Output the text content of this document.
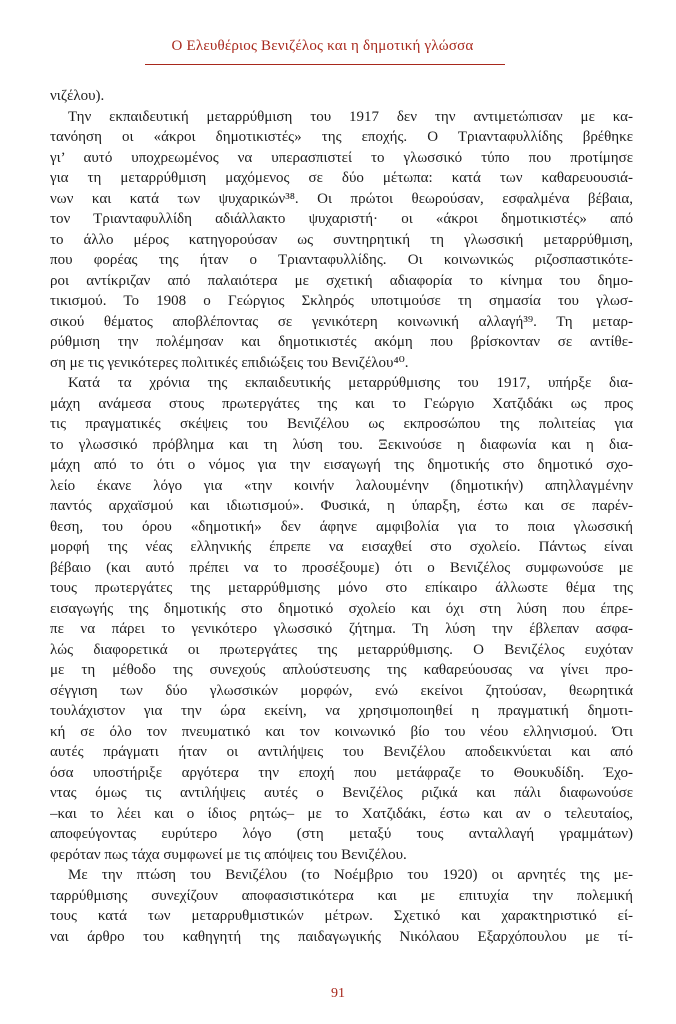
Ο Ελευθέριος Βενιζέλος και η δημοτική γλώσσα
νιζέλου).
Την εκπαιδευτική μεταρρύθμιση του 1917 δεν την αντιμετώπισαν με κα-
τανόηση οι «άκροι δημοτικιστές» της εποχής. Ο Τριανταφυλλίδης βρέθηκε
γι’ αυτό υποχρεωμένος να υπερασπιστεί το γλωσσικό τύπο που προτίμησε
για τη μεταρρύθμιση μαχόμενος σε δύο μέτωπα: κατά των καθαρευουσιά-
νων και κατά των ψυχαρικών³⁸. Οι πρώτοι θεωρούσαν, εσφαλμένα βέβαια,
τον Τριανταφυλλίδη αδιάλλακτο ψυχαριστή· οι «άκροι δημοτικιστές» από
το άλλο μέρος κατηγορούσαν ως συντηρητική τη γλωσσική μεταρρύθμιση,
που φορέας της ήταν ο Τριανταφυλλίδης. Οι κοινωνικώς ριζοσπαστικότε-
ροι αντίκριζαν από παλαιότερα με σχετική αδιαφορία το κίνημα του δημο-
τικισμού. Το 1908 ο Γεώργιος Σκληρός υποτιμούσε τη σημασία του γλωσ-
σικού θέματος αποβλέποντας σε γενικότερη κοινωνική αλλαγή³⁹. Τη μεταρ-
ρύθμιση την πολέμησαν και δημοτικιστές ακόμη που βρίσκονταν σε αντίθε-
ση με τις γενικότερες πολιτικές επιδιώξεις του Βενιζέλου⁴⁰.
Κατά τα χρόνια της εκπαιδευτικής μεταρρύθμισης του 1917, υπήρξε δια-
μάχη ανάμεσα στους πρωτεργάτες της και το Γεώργιο Χατζιδάκι ως προς
τις πραγματικές σκέψεις του Βενιζέλου ως εκπροσώπου της πολιτείας για
το γλωσσικό πρόβλημα και τη λύση του. Ξεκινούσε η διαφωνία και η δια-
μάχη από το ότι ο νόμος για την εισαγωγή της δημοτικής στο δημοτικό σχο-
λείο έκανε λόγο για «την κοινήν λαλουμένην (δημοτικήν) απηλλαγμένην
παντός αρχαϊσμού και ιδιωτισμού». Φυσικά, η ύπαρξη, έστω και σε παρέν-
θεση, του όρου «δημοτική» δεν άφηνε αμφιβολία για το ποια γλωσσική
μορφή της νέας ελληνικής έπρεπε να εισαχθεί στο σχολείο. Πάντως είναι
βέβαιο (και αυτό πρέπει να το προσέξουμε) ότι ο Βενιζέλος συμφωνούσε με
τους πρωτεργάτες της μεταρρύθμισης μόνο στο επίκαιρο άλλωστε θέμα της
εισαγωγής της δημοτικής στο δημοτικό σχολείο και όχι στη λύση που έπρε-
πε να πάρει το γενικότερο γλωσσικό ζήτημα. Τη λύση την έβλεπαν ασφα-
λώς διαφορετικά οι πρωτεργάτες της μεταρρύθμισης. Ο Βενιζέλος ευχόταν
με τη μέθοδο της συνεχούς απλούστευσης της καθαρεύουσας να γίνει προ-
σέγγιση των δύο γλωσσικών μορφών, ενώ εκείνοι ζητούσαν, θεωρητικά
τουλάχιστον για την ώρα εκείνη, να χρησιμοποιηθεί η πραγματική δημοτι-
κή σε όλο τον πνευματικό και τον κοινωνικό βίο του νέου ελληνισμού. Ότι
αυτές πράγματι ήταν οι αντιλήψεις του Βενιζέλου αποδεικνύεται και από
όσα υποστήριξε αργότερα την εποχή που μετάφραζε το Θουκυδίδη. Έχο-
ντας όμως τις αντιλήψεις αυτές ο Βενιζέλος ριζικά και πάλι διαφωνούσε
–και το λέει και ο ίδιος ρητώς– με το Χατζιδάκι, έστω και αν ο τελευταίος,
αποφεύγοντας ευρύτερο λόγο (στη μεταξύ τους ανταλλαγή γραμμάτων)
φερόταν πως τάχα συμφωνεί με τις απόψεις του Βενιζέλου.
Με την πτώση του Βενιζέλου (το Νοέμβριο του 1920) οι αρνητές της με-
ταρρύθμισης συνεχίζουν αποφασιστικότερα και με επιτυχία την πολεμική
τους κατά των μεταρρυθμιστικών μέτρων. Σχετικό και χαρακτηριστικό εί-
ναι άρθρο του καθηγητή της παιδαγωγικής Νικόλαου Εξαρχόπουλου με τί-
91
